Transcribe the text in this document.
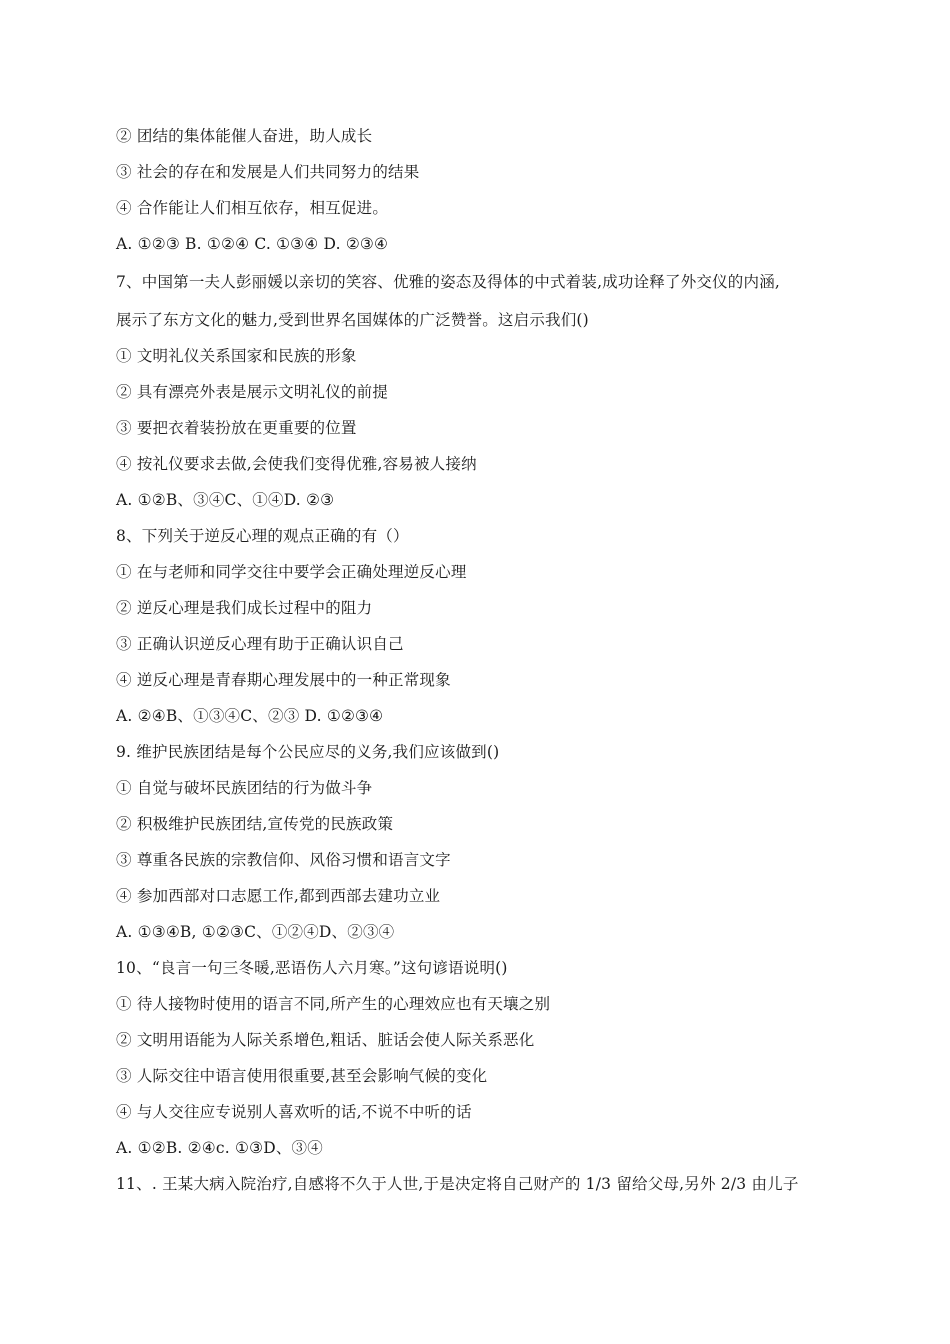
② 团结的集体能催人奋进，助人成长
③ 社会的存在和发展是人们共同努力的结果
④ 合作能让人们相互依存，相互促进。
A. ①②③ B. ①②④ C. ①③④ D. ②③④
7、中国第一夫人彭丽媛以亲切的笑容、优雅的姿态及得体的中式着装,成功诠释了外交仪的内涵,
展示了东方文化的魅力,受到世界名国媒体的广泛赞誉。这启示我们()
① 文明礼仪关系国家和民族的形象
② 具有漂亮外表是展示文明礼仪的前提
③ 要把衣着装扮放在更重要的位置
④ 按礼仪要求去做,会使我们变得优雅,容易被人接纳
A. ①②B、③④C、①④D. ②③
8、下列关于逆反心理的观点正确的有（）
① 在与老师和同学交往中要学会正确处理逆反心理
② 逆反心理是我们成长过程中的阻力
③ 正确认识逆反心理有助于正确认识自己
④ 逆反心理是青春期心理发展中的一种正常现象
A. ②④B、①③④C、②③ D. ①②③④
9. 维护民族团结是每个公民应尽的义务,我们应该做到()
① 自觉与破坏民族团结的行为做斗争
② 积极维护民族团结,宣传党的民族政策
③ 尊重各民族的宗教信仰、风俗习惯和语言文字
④ 参加西部对口志愿工作,都到西部去建功立业
A. ①③④B, ①②③C、①②④D、②③④
10、“良言一句三冬暖,恶语伤人六月寒。”这句谚语说明()
① 待人接物时使用的语言不同,所产生的心理效应也有天壤之别
② 文明用语能为人际关系增色,粗话、脏话会使人际关系恶化
③ 人际交往中语言使用很重要,甚至会影响气候的变化
④ 与人交往应专说别人喜欢听的话,不说不中听的话
A. ①②B. ②④c. ①③D、③④
11、. 王某大病入院治疗,自感将不久于人世,于是决定将自己财产的 1/3 留给父母,另外 2/3 由儿子
